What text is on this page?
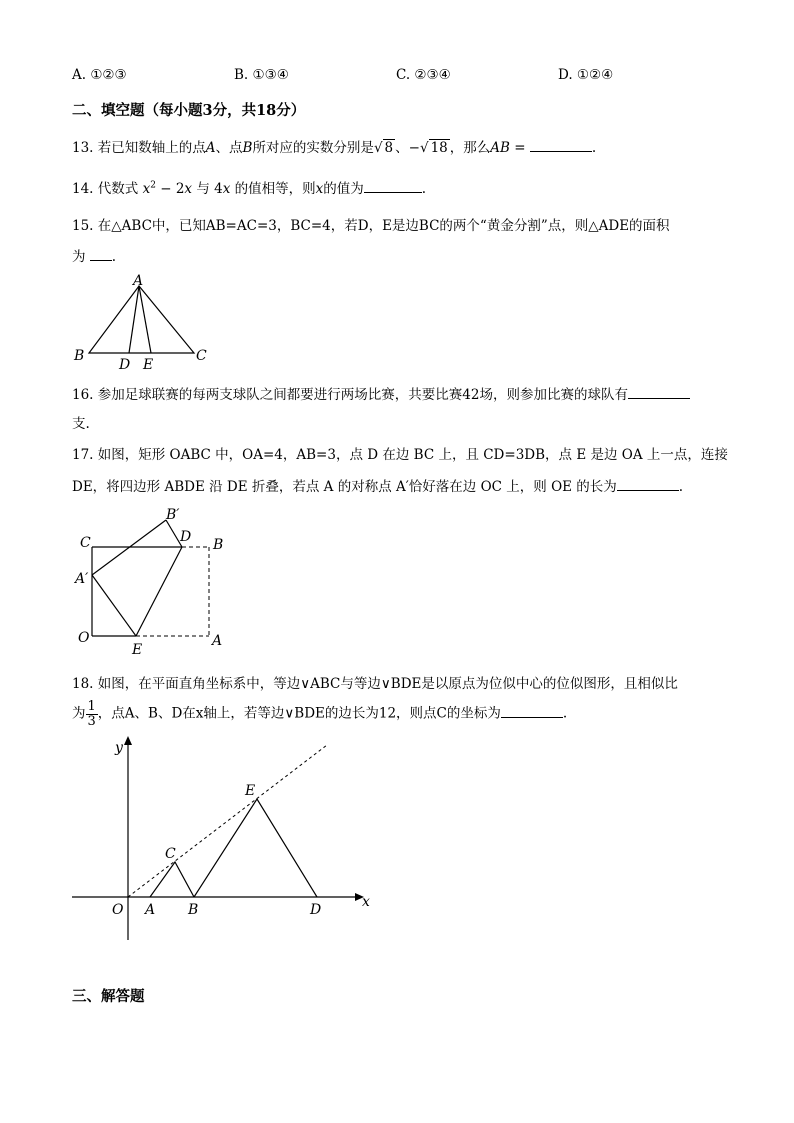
A. ①②③	B. ①③④	C. ②③④	D. ①②④
二、填空题（每小题3分，共18分）
13. 若已知数轴上的点A、点B所对应的实数分别是√ 8 、−√ 18 ，那么AB =	.
14. 代数式 $x^2 - 2x$ 与 4x 的值相等，则x的值为	.
15. 在△ABC中，已知AB=AC=3，BC=4，若D，E是边BC的两个“黄金分割”点，则△ADE的面积
为 .
A
B	C
D E
16. 参加足球联赛的每两支球队之间都要进行两场比赛，共要比赛42场，则参加比赛的球队有
支.
17. 如图，矩形 OABC 中，OA=4，AB=3，点 D 在边 BC 上，且 CD=3DB，点 E 是边 OA 上一点，连接
DE，将四边形 ABDE 沿 DE 折叠，若点 A 的对称点 A′恰好落在边 OC 上，则 OE 的长为	.
C
B′
D B
A′
O
E
A
18. 如图，在平面直角坐标系中，等边∨ABC与等边∨BDE是以原点为位似中心的位似图形，且相似比
为 $\frac{1}{3}$ ，点A、B、D在x轴上，若等边∨BDE的边长为12，则点C的坐标为	.
y
x
O A B
C
D
E
三、解答题
